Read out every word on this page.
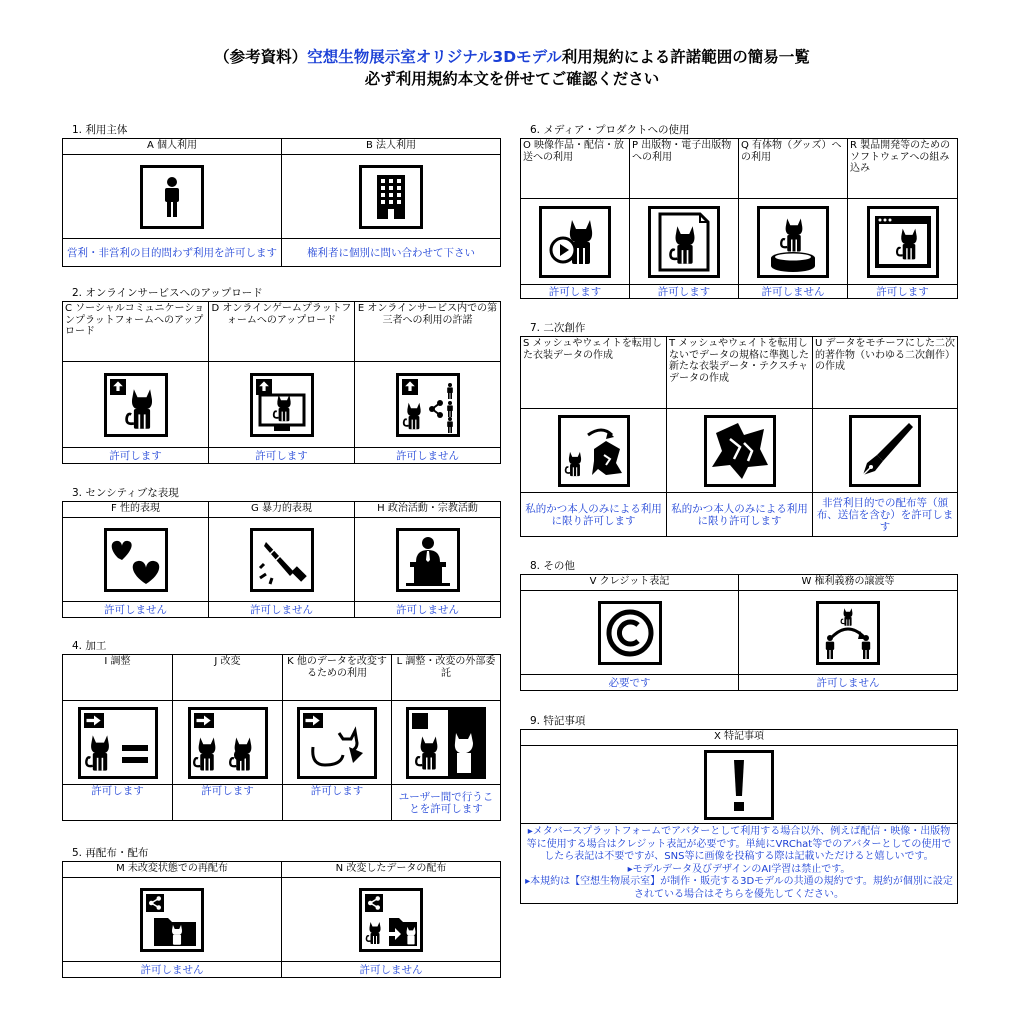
（参考資料）空想生物展示室オリジナル3Dモデル利用規約による許諾範囲の簡易一覧
必ず利用規約本文を併せてご確認ください
1. 利用主体
A 個人利用	B 法人利用

営利・非営利の目的問わず利用を許可します	権利者に個別に問い合わせて下さい
2. オンラインサービスへのアップロード
C ソーシャルコミュニケーションプラットフォームへのアップロード	D オンラインゲームプラットフォームへのアップロード	E オンラインサービス内での第三者への利用の許諾

許可します	許可します	許可しません
3. センシティブな表現
F 性的表現	G 暴力的表現	H 政治活動・宗教活動

許可しません	許可しません	許可しません
4. 加工
I 調整	J 改変	K 他のデータを改変するための利用	L 調整・改変の外部委託

許可します	許可します	許可します	ユーザー間で行うことを許可します
5. 再配布・配布
M 未改変状態での再配布	N 改変したデータの配布

許可しません	許可しません
6. メディア・プロダクトへの使用
O 映像作品・配信・放送への利用	P 出版物・電子出版物への利用	Q 有体物（グッズ）への利用	R 製品開発等のためのソフトウェアへの組み込み

許可します	許可します	許可しません	許可します
7. 二次創作
S メッシュやウェイトを転用した衣装データの作成	T メッシュやウェイトを転用しないでデータの規格に準拠した新たな衣装データ・テクスチャデータの作成	U データをモチーフにした二次的著作物（いわゆる二次創作）の作成

私的かつ本人のみによる利用に限り許可します	私的かつ本人のみによる利用に限り許可します	非営利目的での配布等（頒布、送信を含む）を許可します
8. その他
V クレジット表記	W 権利義務の譲渡等

必要です	許可しません
9. 特記事項
X 特記事項

▸メタバースプラットフォームでアバターとして利用する場合以外、例えば配信・映像・出版物等に使用する場合はクレジット表記が必要です。単純にVRChat等でのアバターとしての使用でしたら表記は不要ですが、SNS等に画像を投稿する際は記載いただけると嬉しいです。
▸モデルデータ及びデザインのAI学習は禁止です。
▸本規約は【空想生物展示室】が制作・販売する3Dモデルの共通の規約です。規約が個別に設定されている場合はそちらを優先してください。
